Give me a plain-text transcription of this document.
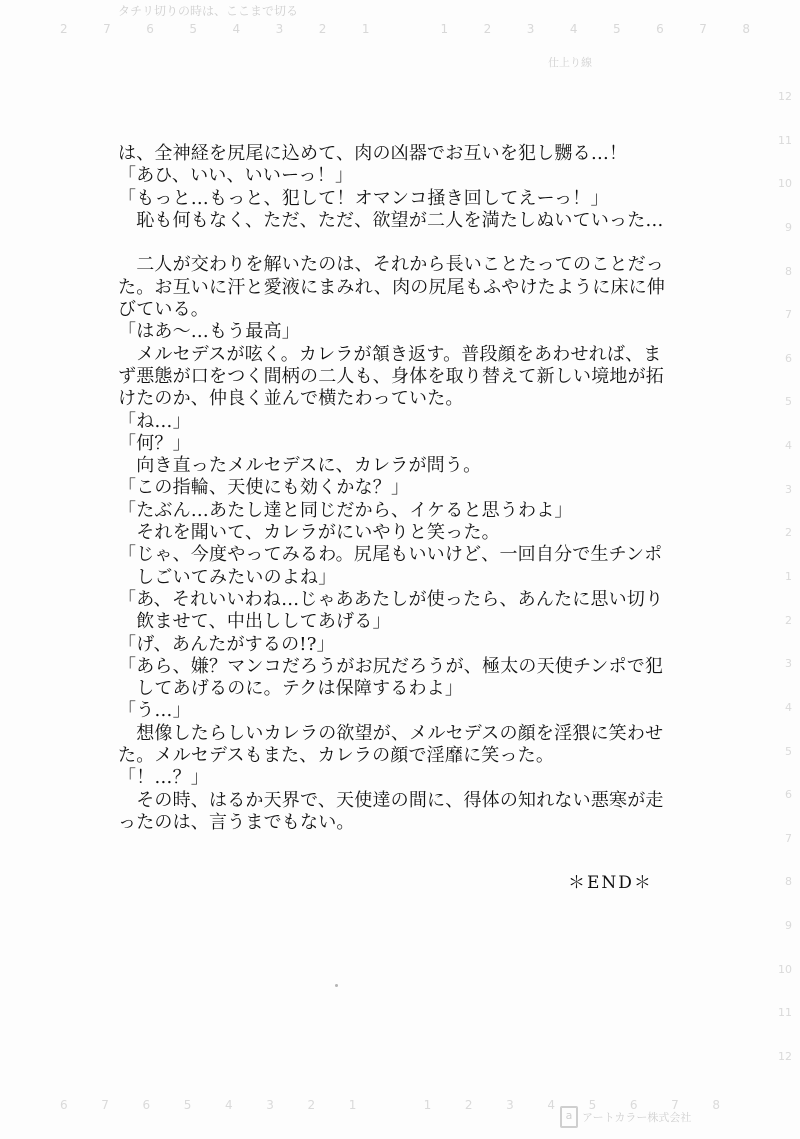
タチリ切りの時は、ここまで切る
2	7	6	5	4	3	2	1	1	2	3	4	5	6	7	8
仕上り線
12
11
10
9
8
7
6
5
4
3
2
1
2
3
4
5
6
7
8
9
10
11
12

は、全神経を尻尾に込めて、肉の凶器でお互いを犯し嬲る…！

「あひ、いい、いいーっ！」

「もっと…もっと、犯して！オマンコ掻き回してえーっ！」

　恥も何もなく、ただ、ただ、欲望が二人を満たしぬいていった…

　二人が交わりを解いたのは、それから長いことたってのことだっ

た。お互いに汗と愛液にまみれ、肉の尻尾もふやけたように床に伸

びている。

「はあ～…もう最高」

　メルセデスが呟く。カレラが頷き返す。普段顔をあわせれば、ま

ず悪態が口をつく間柄の二人も、身体を取り替えて新しい境地が拓

けたのか、仲良く並んで横たわっていた。

「ね…」

「何？」

　向き直ったメルセデスに、カレラが問う。

「この指輪、天使にも効くかな？」

「たぶん…あたし達と同じだから、イケると思うわよ」

　それを聞いて、カレラがにいやりと笑った。

「じゃ、今度やってみるわ。尻尾もいいけど、一回自分で生チンポ

　しごいてみたいのよね」

「あ、それいいわね…じゃああたしが使ったら、あんたに思い切り

　飲ませて、中出ししてあげる」

「げ、あんたがするの!?」

「あら、嫌？マンコだろうがお尻だろうが、極太の天使チンポで犯

　してあげるのに。テクは保障するわよ」

「う…」

　想像したらしいカレラの欲望が、メルセデスの顔を淫猥に笑わせ

た。メルセデスもまた、カレラの顔で淫靡に笑った。

「！…？」

　その時、はるか天界で、天使達の間に、得体の知れない悪寒が走

ったのは、言うまでもない。

＊END＊
6	7	6	5	4	3	2	1	1	2	3	4	5	6	7	8
a アートカラー株式会社
